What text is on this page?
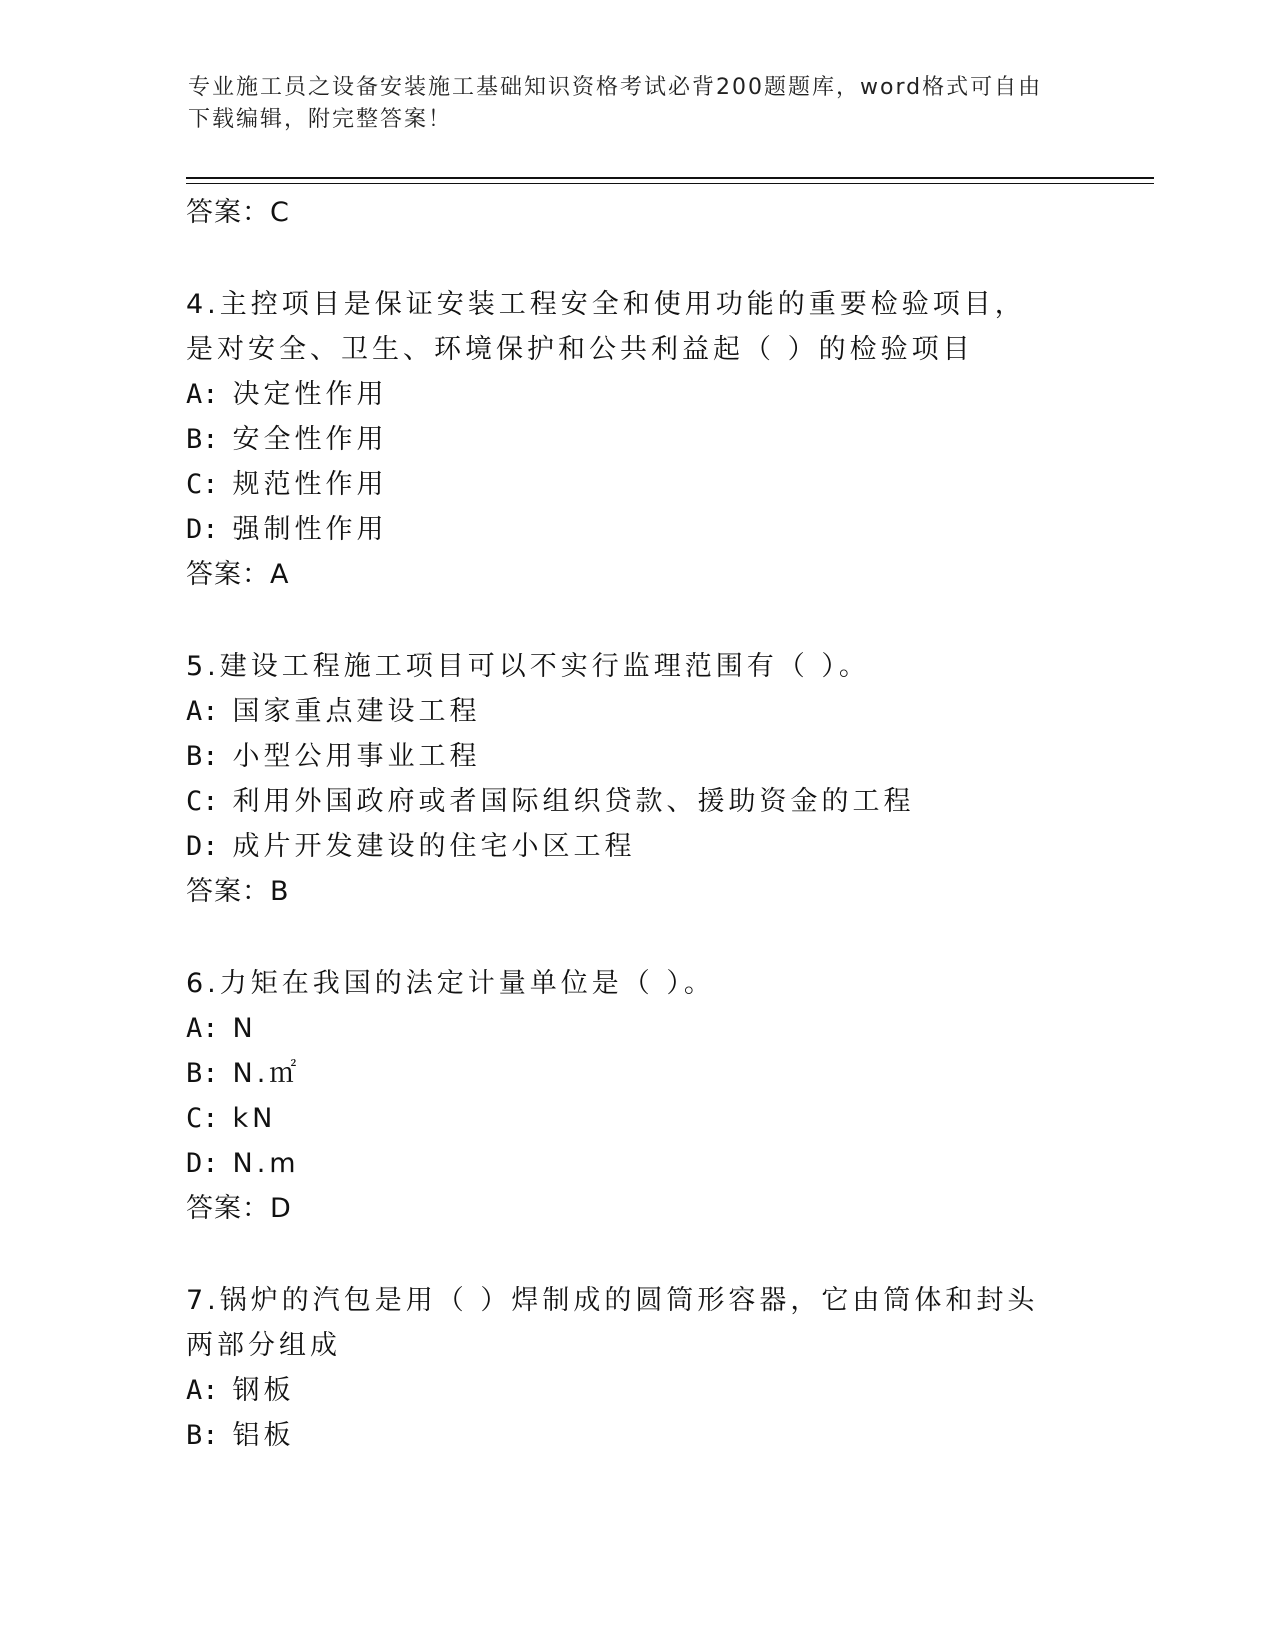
专业施工员之设备安装施工基础知识资格考试必背200题题库，word格式可自由
下载编辑，附完整答案！
答案：C
4.主控项目是保证安装工程安全和使用功能的重要检验项目，是对安全、卫生、环境保护和公共利益起（ ）的检验项目
A: 决定性作用
B: 安全性作用
C: 规范性作用
D: 强制性作用
答案：A
5.建设工程施工项目可以不实行监理范围有（ ）。
A: 国家重点建设工程
B: 小型公用事业工程
C: 利用外国政府或者国际组织贷款、援助资金的工程
D: 成片开发建设的住宅小区工程
答案：B
6.力矩在我国的法定计量单位是（ ）。
A: N
B: N.㎡
C: kN
D: N.m
答案：D
7.锅炉的汽包是用（ ）焊制成的圆筒形容器，它由筒体和封头两部分组成
A: 钢板
B: 铝板
